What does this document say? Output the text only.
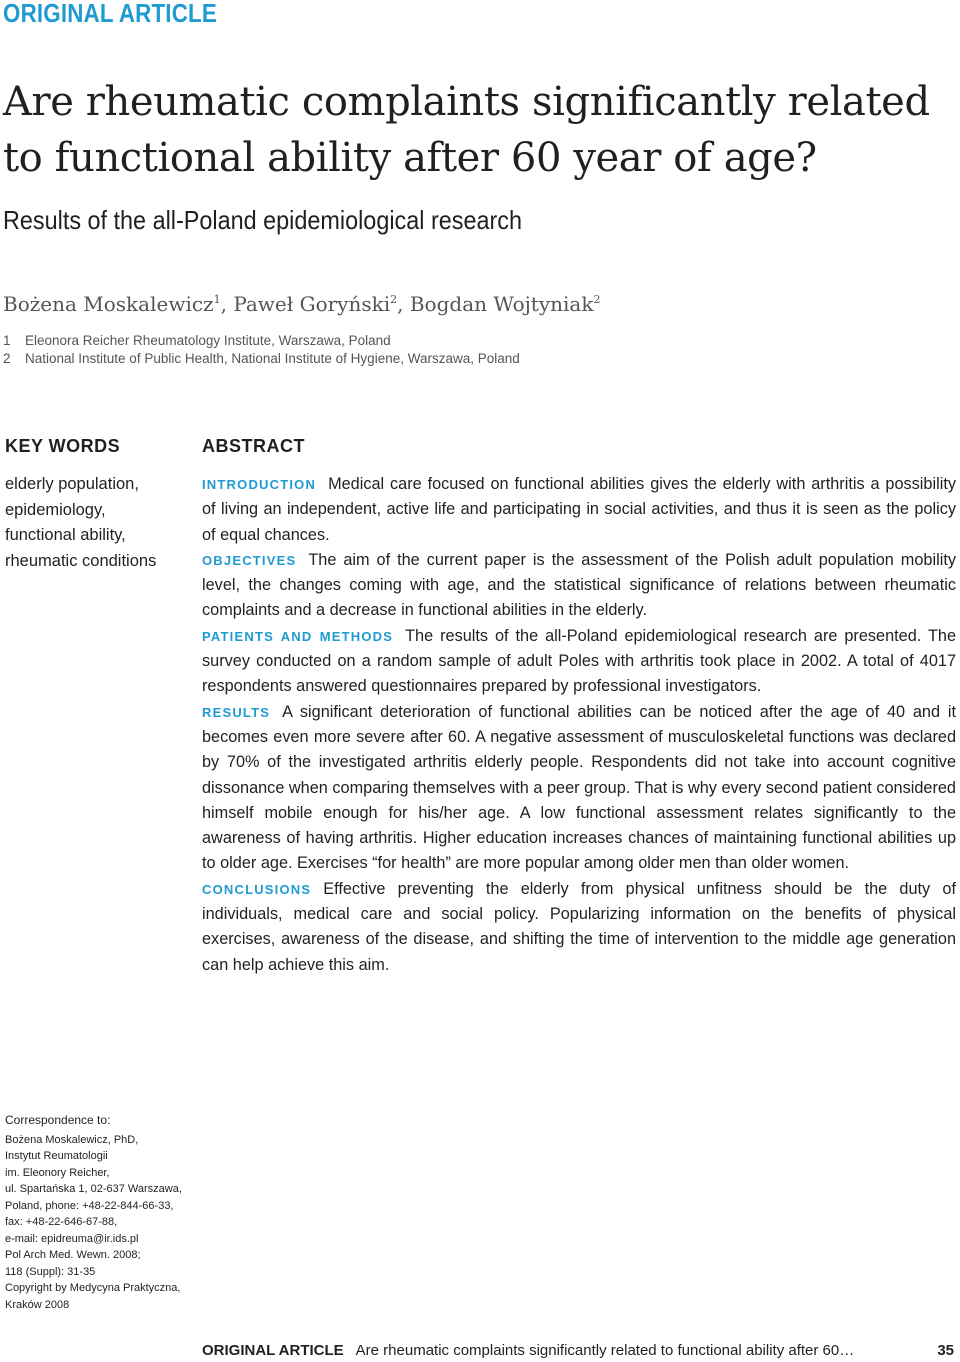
ORIGINAL ARTICLE
Are rheumatic complaints significantly related to functional ability after 60 year of age?
Results of the all-Poland epidemiological research
Bożena Moskalewicz$^1$, Paweł Goryński$^2$, Bogdan Wojtyniak$^2$
1 Eleonora Reicher Rheumatology Institute, Warszawa, Poland
2 National Institute of Public Health, National Institute of Hygiene, Warszawa, Poland
KEY WORDS
elderly population,
epidemiology,
functional ability,
rheumatic conditions
ABSTRACT

INTRODUCTION Medical care focused on functional abilities gives the elderly with arthritis a possibility of living an independent, active life and participating in social activities, and thus it is seen as the policy of equal chances.

OBJECTIVES The aim of the current paper is the assessment of the Polish adult population mobility level, the changes coming with age, and the statistical significance of relations between rheumatic complaints and a decrease in functional abilities in the elderly.

PATIENTS AND METHODS The results of the all-Poland epidemiological research are presented. The survey conducted on a random sample of adult Poles with arthritis took place in 2002. A total of 4017 respondents answered questionnaires prepared by professional investigators.

RESULTS A significant deterioration of functional abilities can be noticed after the age of 40 and it becomes even more severe after 60. A negative assessment of musculoskeletal functions was declared by 70% of the investigated arthritis elderly people. Respondents did not take into account cognitive dissonance when comparing themselves with a peer group. That is why every second patient considered himself mobile enough for his/her age. A low functional assessment relates significantly to the awareness of having arthritis. Higher education increases chances of maintaining functional abilities up to older age. Exercises “for health” are more popular among older men than older women.

CONCLUSIONS Effective preventing the elderly from physical unfitness should be the duty of individuals, medical care and social policy. Popularizing information on the benefits of physical exercises, awareness of the disease, and shifting the time of intervention to the middle age generation can help achieve this aim.

Correspondence to:
Bożena Moskalewicz, PhD,
Instytut Reumatologii
im. Eleonory Reicher,
ul. Spartańska 1, 02-637 Warszawa,
Poland, phone: +48-22-844-66-33,
fax: +48-22-646-67-88,
e-mail: epidreuma@ir.ids.pl
Pol Arch Med. Wewn. 2008;
118 (Suppl): 31-35
Copyright by Medycyna Praktyczna,
Kraków 2008
ORIGINAL ARTICLE Are rheumatic complaints significantly related to functional ability after 60…	35
